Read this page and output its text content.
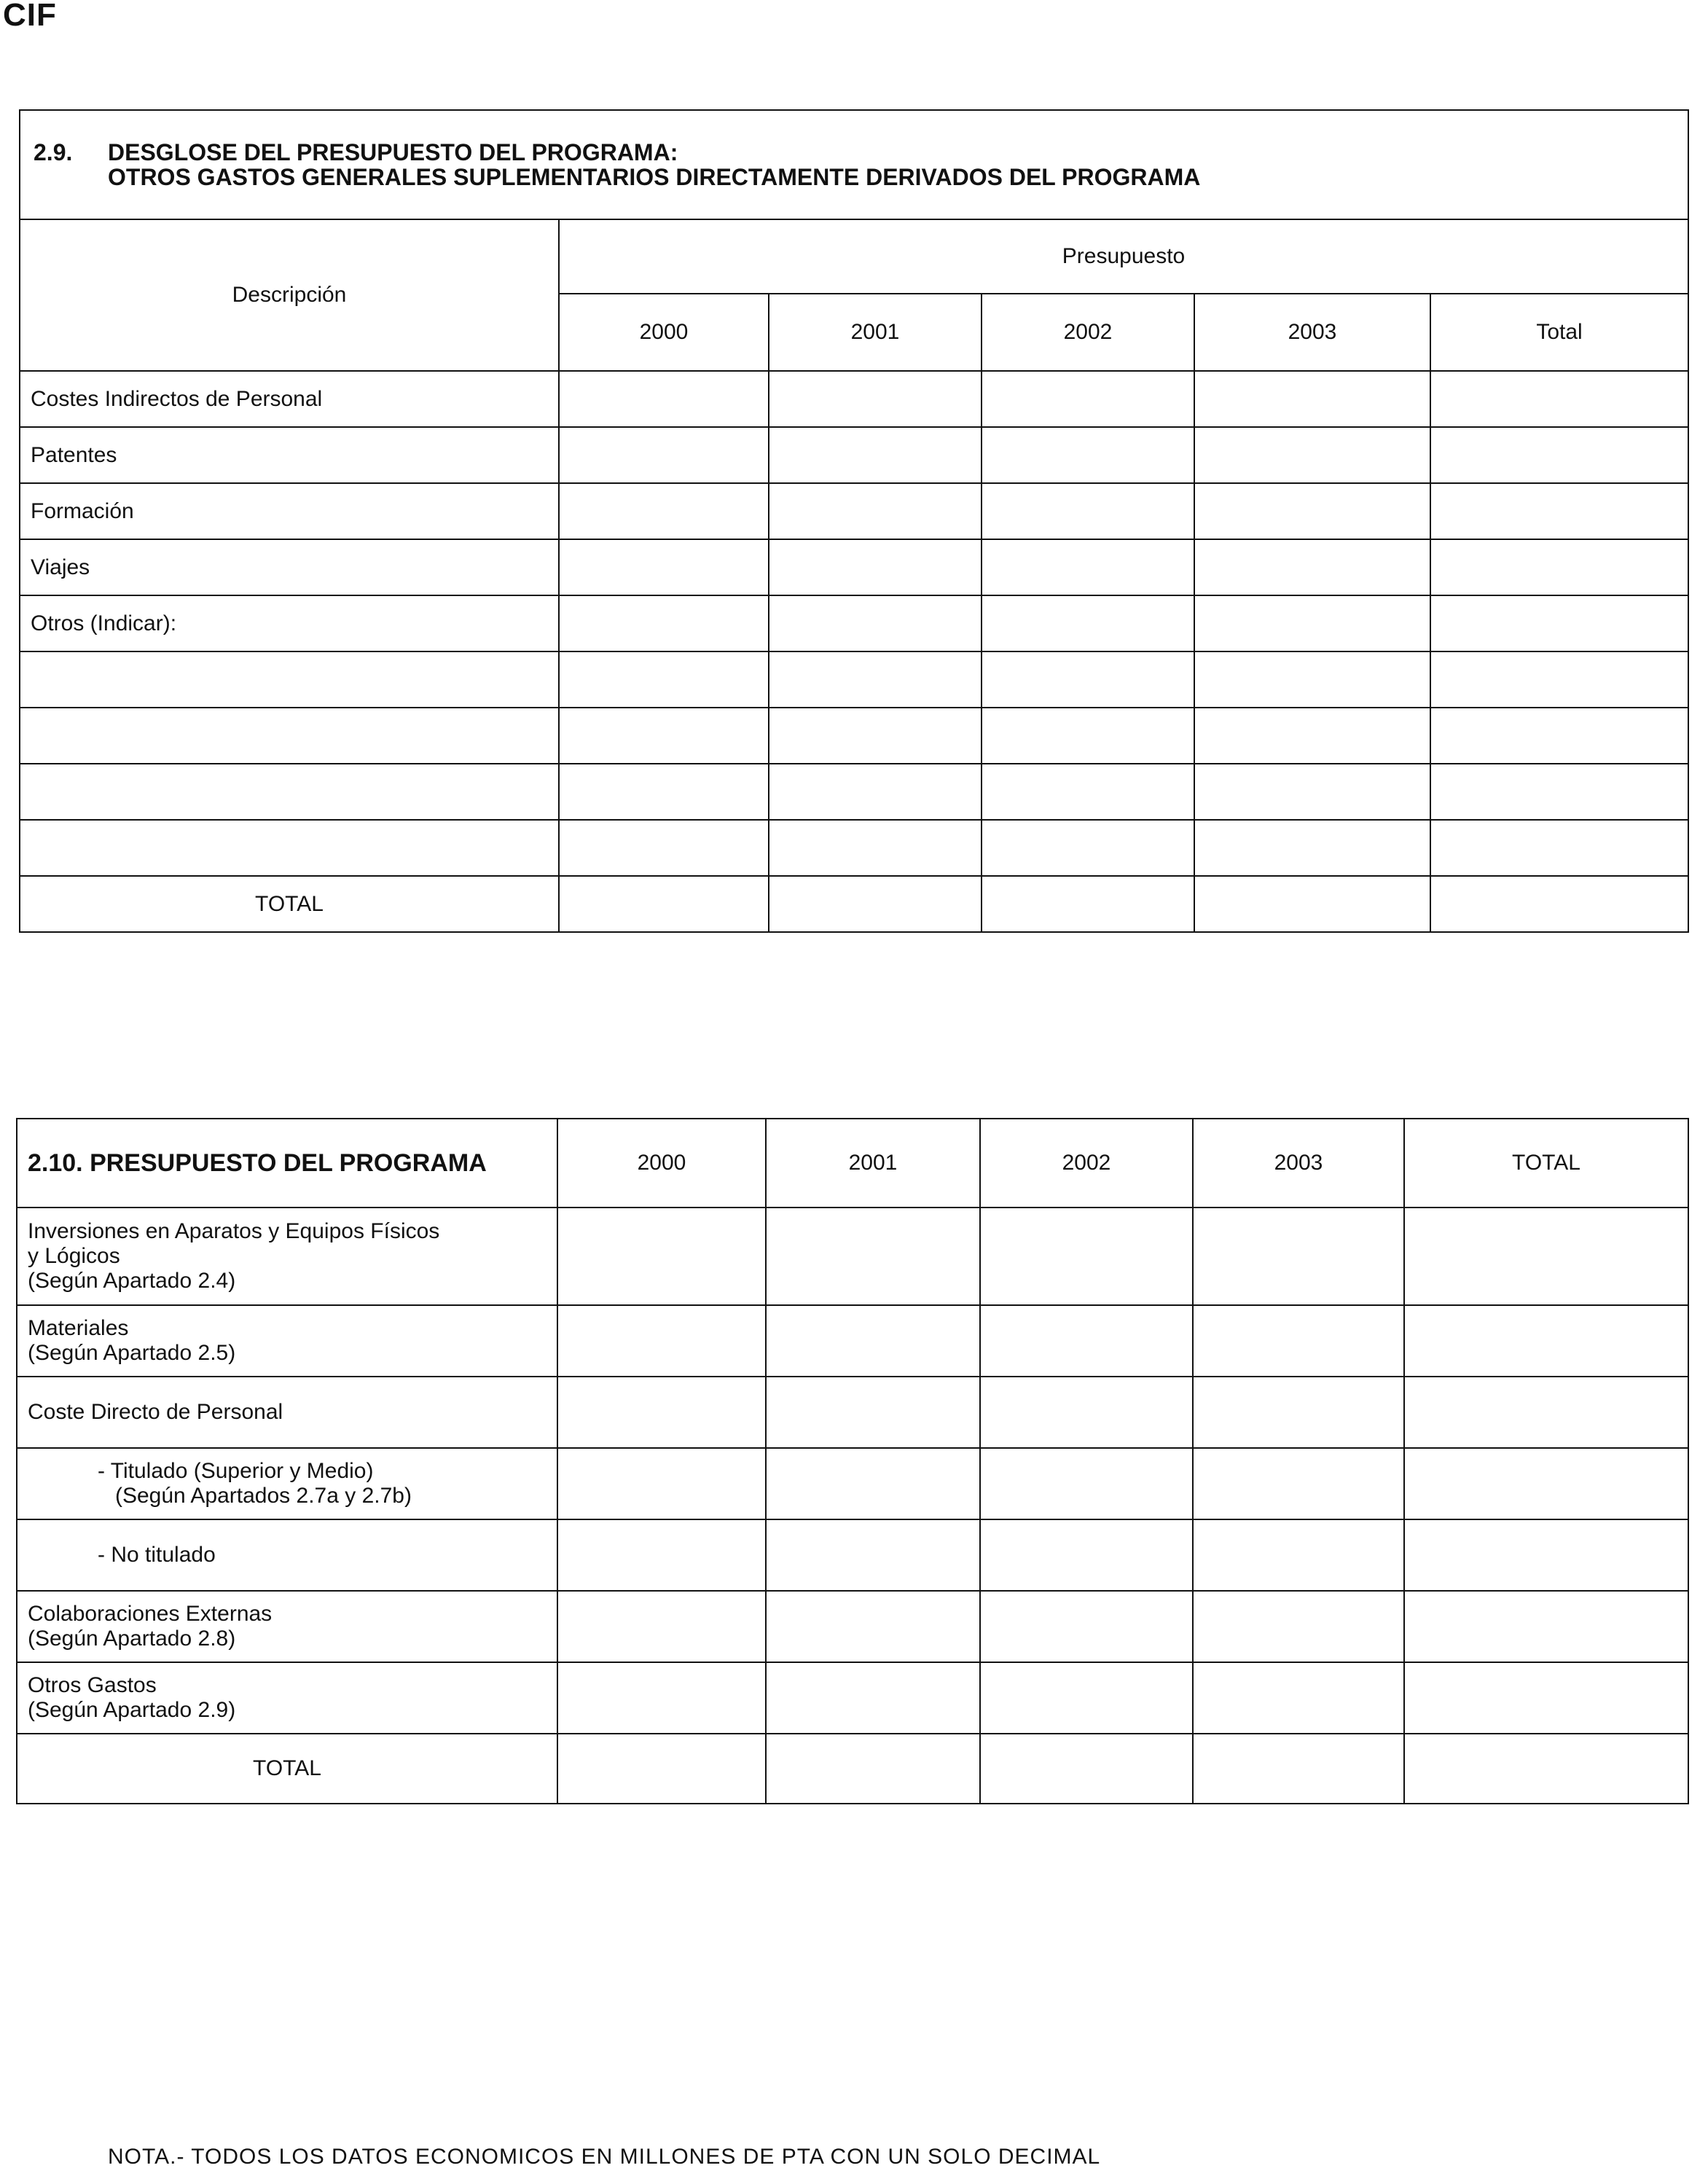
CIF
2.9. DESGLOSE DEL PRESUPUESTO DEL PROGRAMA:
OTROS GASTOS GENERALES SUPLEMENTARIOS DIRECTAMENTE DERIVADOS DEL PROGRAMA					

Descripción	Presupuesto				
	2000	2001	2002	2003	Total
Costes Indirectos de Personal					
Patentes					
Formación					
Viajes					
Otros (Indicar):					

TOTAL					
2.10. PRESUPUESTO DEL PROGRAMA	2000	2001	2002	2003	TOTAL

Inversiones en Aparatos y Equipos Físicos
y Lógicos
(Según Apartado 2.4)					

Materiales
(Según Apartado 2.5)					

Coste Directo de Personal					

- Titulado (Superior y Medio)
(Según Apartados 2.7a y 2.7b)					

- No titulado					

Colaboraciones Externas
(Según Apartado 2.8)					

Otros Gastos
(Según Apartado 2.9)					

TOTAL					
NOTA.- TODOS LOS DATOS ECONOMICOS EN MILLONES DE PTA CON UN SOLO DECIMAL
